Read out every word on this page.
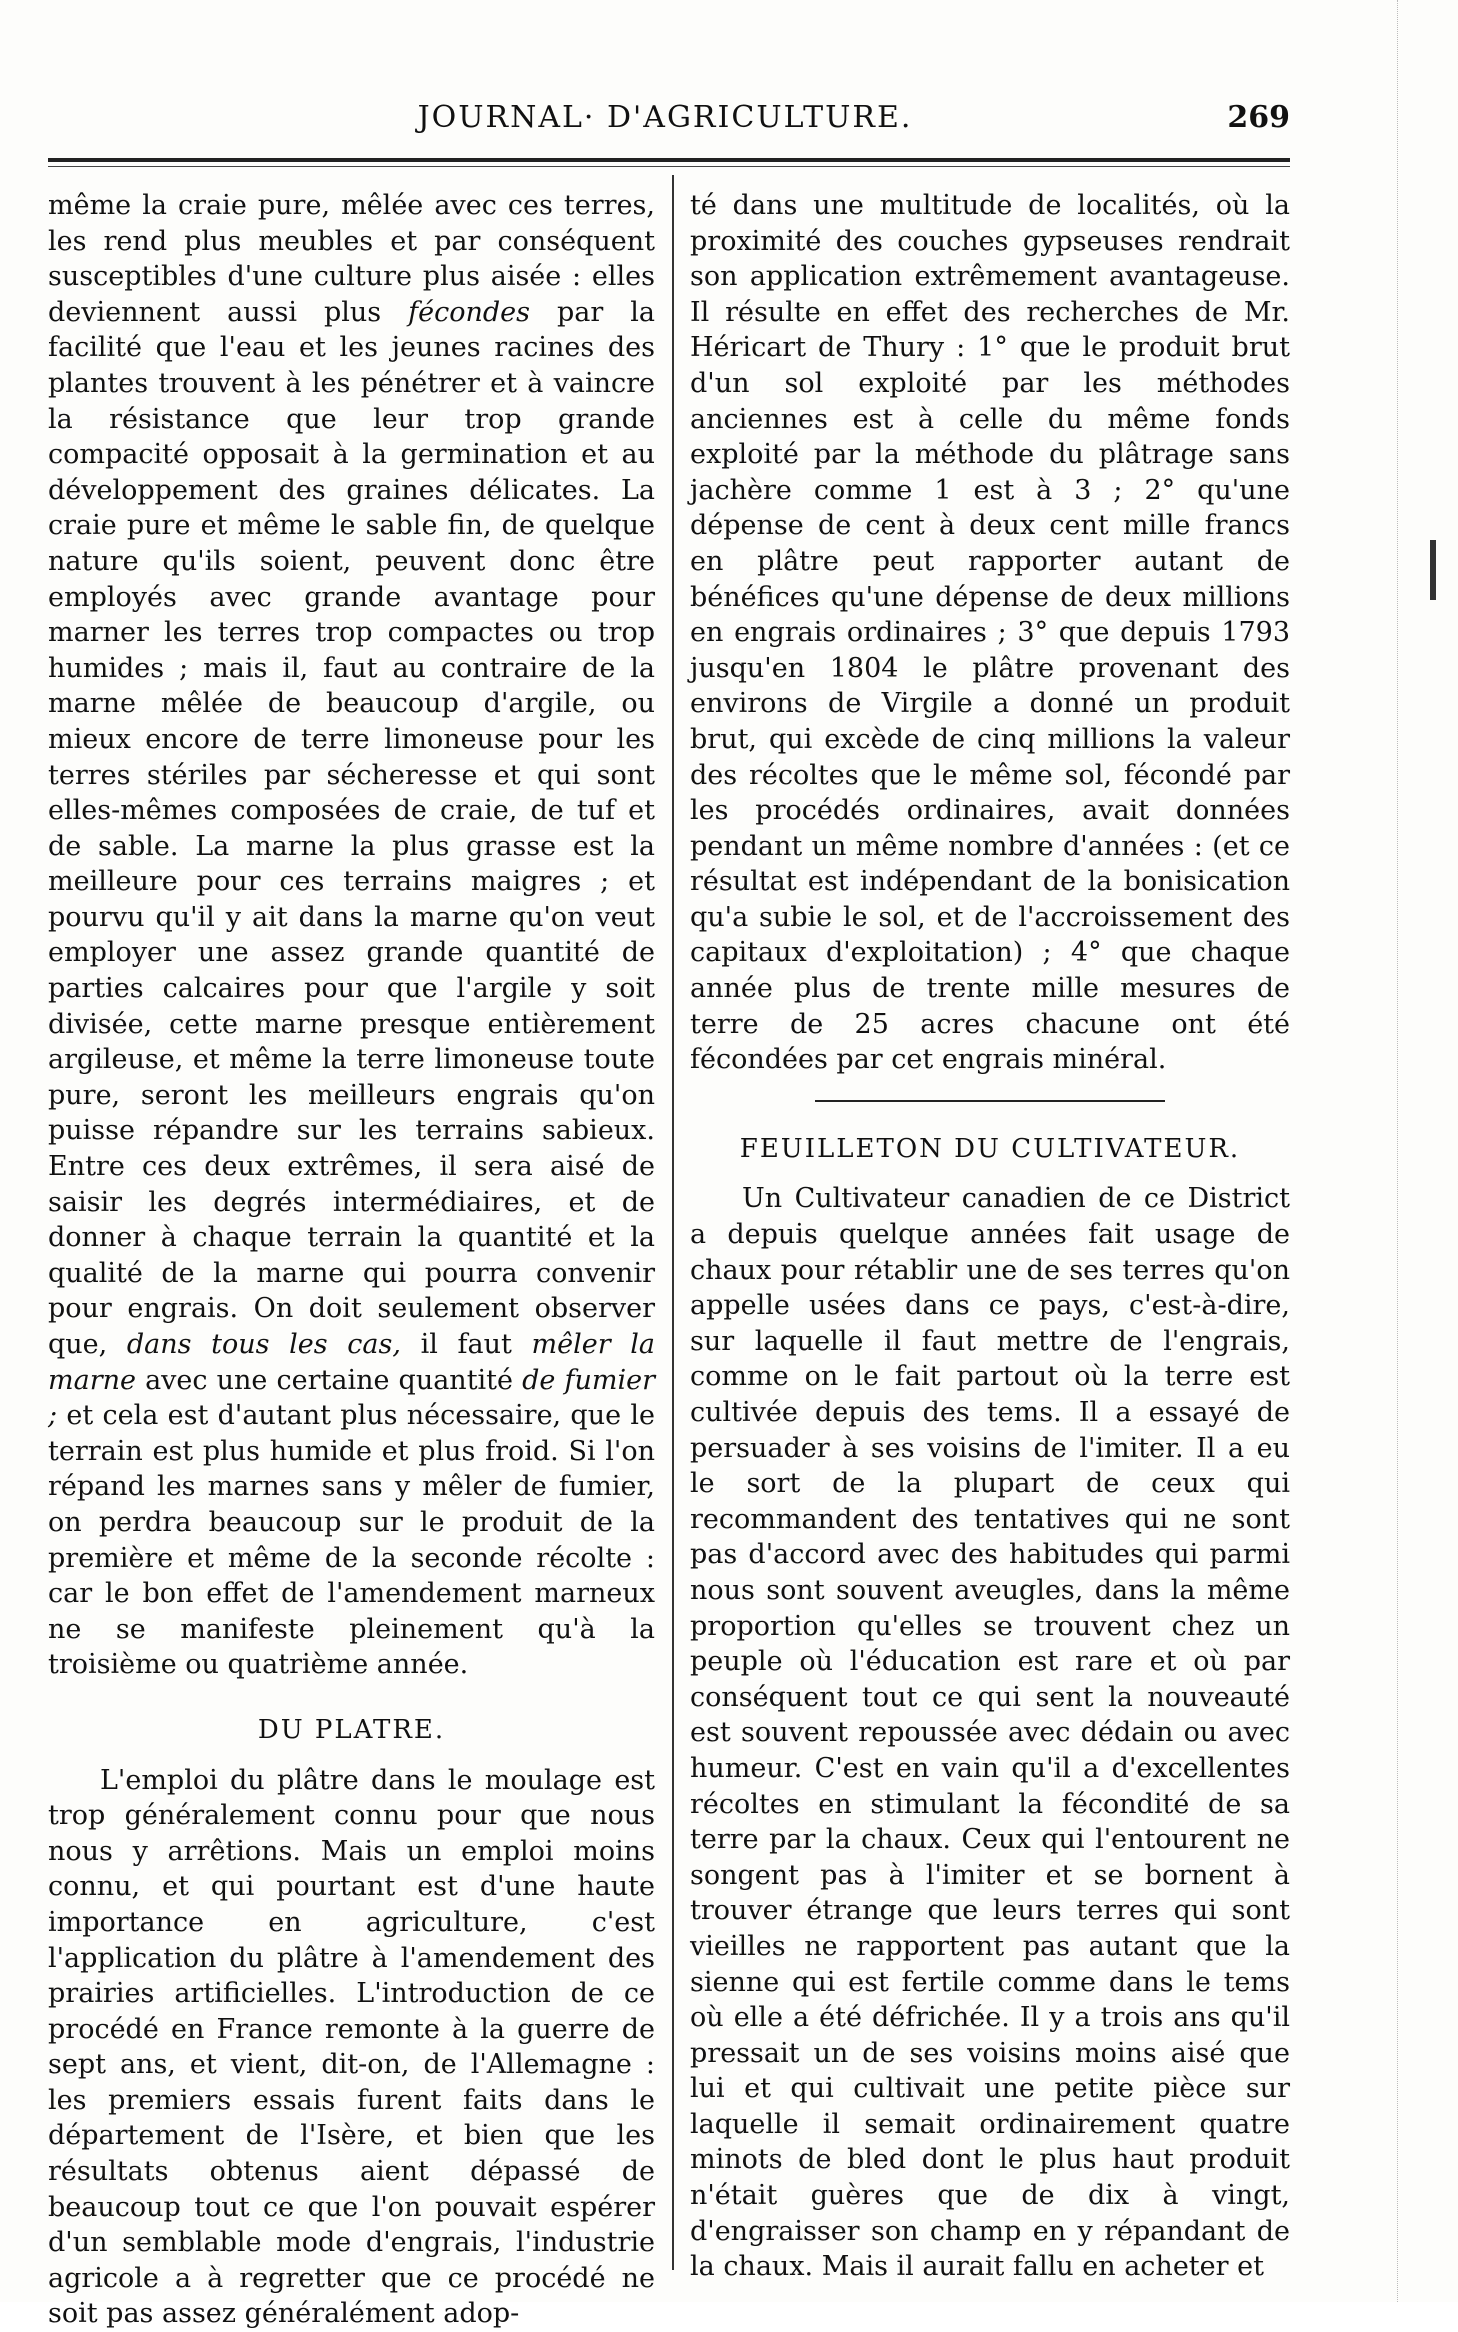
JOURNAL· D'AGRICULTURE.	269

même la craie pure, mêlée avec ces terres, les rend plus meubles et par conséquent susceptibles d'une culture plus aisée : elles deviennent aussi plus fécondes par la facilité que l'eau et les jeunes racines des plantes trouvent à les pénétrer et à vaincre la résistance que leur trop grande compacité opposait à la germination et au développement des graines délicates. La craie pure et même le sable fin, de quelque nature qu'ils soient, peuvent donc être employés avec grande avantage pour marner les terres trop compactes ou trop humides ; mais il, faut au contraire de la marne mêlée de beaucoup d'argile, ou mieux encore de terre limoneuse pour les terres stériles par sécheresse et qui sont elles-mêmes composées de craie, de tuf et de sable. La marne la plus grasse est la meilleure pour ces terrains maigres ; et pourvu qu'il y ait dans la marne qu'on veut employer une assez grande quantité de parties calcaires pour que l'argile y soit divisée, cette marne presque entièrement argileuse, et même la terre limoneuse toute pure, seront les meilleurs engrais qu'on puisse répandre sur les terrains sabieux. Entre ces deux extrêmes, il sera aisé de saisir les degrés intermédiaires, et de donner à chaque terrain la quantité et la qualité de la marne qui pourra convenir pour engrais. On doit seulement observer que, dans tous les cas, il faut mêler la marne avec une certaine quantité de fumier ; et cela est d'autant plus nécessaire, que le terrain est plus humide et plus froid. Si l'on répand les marnes sans y mêler de fumier, on perdra beaucoup sur le produit de la première et même de la seconde récolte : car le bon effet de l'amendement marneux ne se manifeste pleinement qu'à la troisième ou quatrième année.

DU PLATRE.

L'emploi du plâtre dans le moulage est trop généralement connu pour que nous nous y arrêtions. Mais un emploi moins connu, et qui pourtant est d'une haute importance en agriculture, c'est l'application du plâtre à l'amendement des prairies artificielles. L'introduction de ce procédé en France remonte à la guerre de sept ans, et vient, dit-on, de l'Allemagne : les premiers essais furent faits dans le département de l'Isère, et bien que les résultats obtenus aient dépassé de beaucoup tout ce que l'on pouvait espérer d'un semblable mode d'engrais, l'industrie agricole a à regretter que ce procédé ne soit pas assez généralément adop-

té dans une multitude de localités, où la proximité des couches gypseuses rendrait son application extrêmement avantageuse. Il résulte en effet des recherches de Mr. Héricart de Thury : 1° que le produit brut d'un sol exploité par les méthodes anciennes est à celle du même fonds exploité par la méthode du plâtrage sans jachère comme 1 est à 3 ; 2° qu'une dépense de cent à deux cent mille francs en plâtre peut rapporter autant de bénéfices qu'une dépense de deux millions en engrais ordinaires ; 3° que depuis 1793 jusqu'en 1804 le plâtre provenant des environs de Virgile a donné un produit brut, qui excède de cinq millions la valeur des récoltes que le même sol, fécondé par les procédés ordinaires, avait données pendant un même nombre d'années : (et ce résultat est indépendant de la bonisication qu'a subie le sol, et de l'accroissement des capitaux d'exploitation) ; 4° que chaque année plus de trente mille mesures de terre de 25 acres chacune ont été fécondées par cet engrais minéral.

FEUILLETON DU CULTIVATEUR.

Un Cultivateur canadien de ce District a depuis quelque années fait usage de chaux pour rétablir une de ses terres qu'on appelle usées dans ce pays, c'est-à-dire, sur laquelle il faut mettre de l'engrais, comme on le fait partout où la terre est cultivée depuis des tems. Il a essayé de persuader à ses voisins de l'imiter. Il a eu le sort de la plupart de ceux qui recommandent des tentatives qui ne sont pas d'accord avec des habitudes qui parmi nous sont souvent aveugles, dans la même proportion qu'elles se trouvent chez un peuple où l'éducation est rare et où par conséquent tout ce qui sent la nouveauté est souvent repoussée avec dédain ou avec humeur. C'est en vain qu'il a d'excellentes récoltes en stimulant la fécondité de sa terre par la chaux. Ceux qui l'entourent ne songent pas à l'imiter et se bornent à trouver étrange que leurs terres qui sont vieilles ne rapportent pas autant que la sienne qui est fertile comme dans le tems où elle a été défrichée. Il y a trois ans qu'il pressait un de ses voisins moins aisé que lui et qui cultivait une petite pièce sur laquelle il semait ordinairement quatre minots de bled dont le plus haut produit n'était guères que de dix à vingt, d'engraisser son champ en y répandant de la chaux. Mais il aurait fallu en acheter et
